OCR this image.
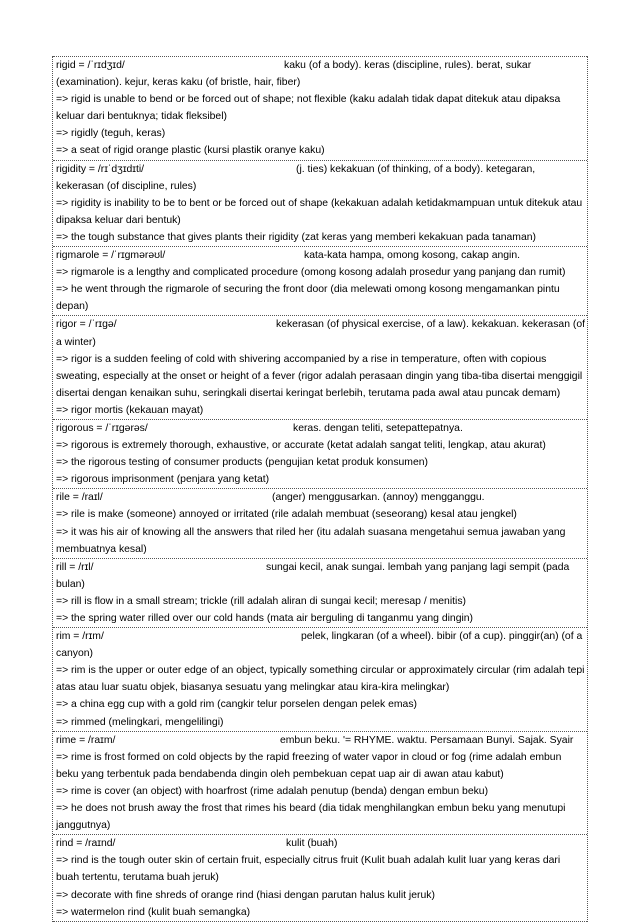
rigid = /ˈrɪdʒɪd/	kaku (of a body). keras (discipline, rules). berat, sukar (examination). kejur, keras kaku (of bristle, hair, fiber)
=> rigid is unable to bend or be forced out of shape; not flexible (kaku adalah tidak dapat ditekuk atau dipaksa keluar dari bentuknya; tidak fleksibel)
=> rigidly (teguh, keras)
=> a seat of rigid orange plastic (kursi plastik oranye kaku)
rigidity = /rɪˈdʒɪdɪti/	(j. ties) kekakuan (of thinking, of a body). ketegaran, kekerasan (of discipline, rules)
=> rigidity is inability to be to bent or be forced out of shape (kekakuan adalah ketidakmampuan untuk ditekuk atau dipaksa keluar dari bentuk)
=> the tough substance that gives plants their rigidity (zat keras yang memberi kekakuan pada tanaman)
rigmarole = /ˈrɪɡmərəʊl/	kata-kata hampa, omong kosong, cakap angin.
=> rigmarole is a lengthy and complicated procedure (omong kosong adalah prosedur yang panjang dan rumit)
=> he went through the rigmarole of securing the front door (dia melewati omong kosong mengamankan pintu depan)
rigor = /ˈrɪɡə/	kekerasan (of physical exercise, of a law). kekakuan. kekerasan (of a winter)
=> rigor is a sudden feeling of cold with shivering accompanied by a rise in temperature, often with copious sweating, especially at the onset or height of a fever (rigor adalah perasaan dingin yang tiba-tiba disertai menggigil disertai dengan kenaikan suhu, seringkali disertai keringat berlebih, terutama pada awal atau puncak demam)
=> rigor mortis (kekauan mayat)
rigorous = /ˈrɪɡərəs/	keras. dengan teliti, setepattepatnya.
=> rigorous is extremely thorough, exhaustive, or accurate (ketat adalah sangat teliti, lengkap, atau akurat)
=> the rigorous testing of consumer products (pengujian ketat produk konsumen)
=> rigorous imprisonment (penjara yang ketat)
rile = /raɪl/	(anger) menggusarkan. (annoy) mengganggu.
=> rile is make (someone) annoyed or irritated (rile adalah membuat (seseorang) kesal atau jengkel)
=> it was his air of knowing all the answers that riled her (itu adalah suasana mengetahui semua jawaban yang membuatnya kesal)
rill = /rɪl/	sungai kecil, anak sungai. lembah yang panjang lagi sempit (pada bulan)
=> rill is flow in a small stream; trickle (rill adalah aliran di sungai kecil; meresap / menitis)
=> the spring water rilled over our cold hands (mata air berguling di tanganmu yang dingin)
rim = /rɪm/	pelek, lingkaran (of a wheel). bibir (of a cup). pinggir(an) (of a canyon)
=> rim is the upper or outer edge of an object, typically something circular or approximately circular (rim adalah tepi atas atau luar suatu objek, biasanya sesuatu yang melingkar atau kira-kira melingkar)
=> a china egg cup with a gold rim (cangkir telur porselen dengan pelek emas)
=> rimmed (melingkari, mengelilingi)
rime = /raɪm/	embun beku. '= RHYME. waktu. Persamaan Bunyi. Sajak. Syair
=> rime is frost formed on cold objects by the rapid freezing of water vapor in cloud or fog (rime adalah embun beku yang terbentuk pada bendabenda dingin oleh pembekuan cepat uap air di awan atau kabut)
=> rime is cover (an object) with hoarfrost (rime adalah penutup (benda) dengan embun beku)
=> he does not brush away the frost that rimes his beard (dia tidak menghilangkan embun beku yang menutupi janggutnya)
rind = /raɪnd/	kulit (buah)
=> rind is the tough outer skin of certain fruit, especially citrus fruit (Kulit buah adalah kulit luar yang keras dari buah tertentu, terutama buah jeruk)
=> decorate with fine shreds of orange rind (hiasi dengan parutan halus kulit jeruk)
=> watermelon rind (kulit buah semangka)
